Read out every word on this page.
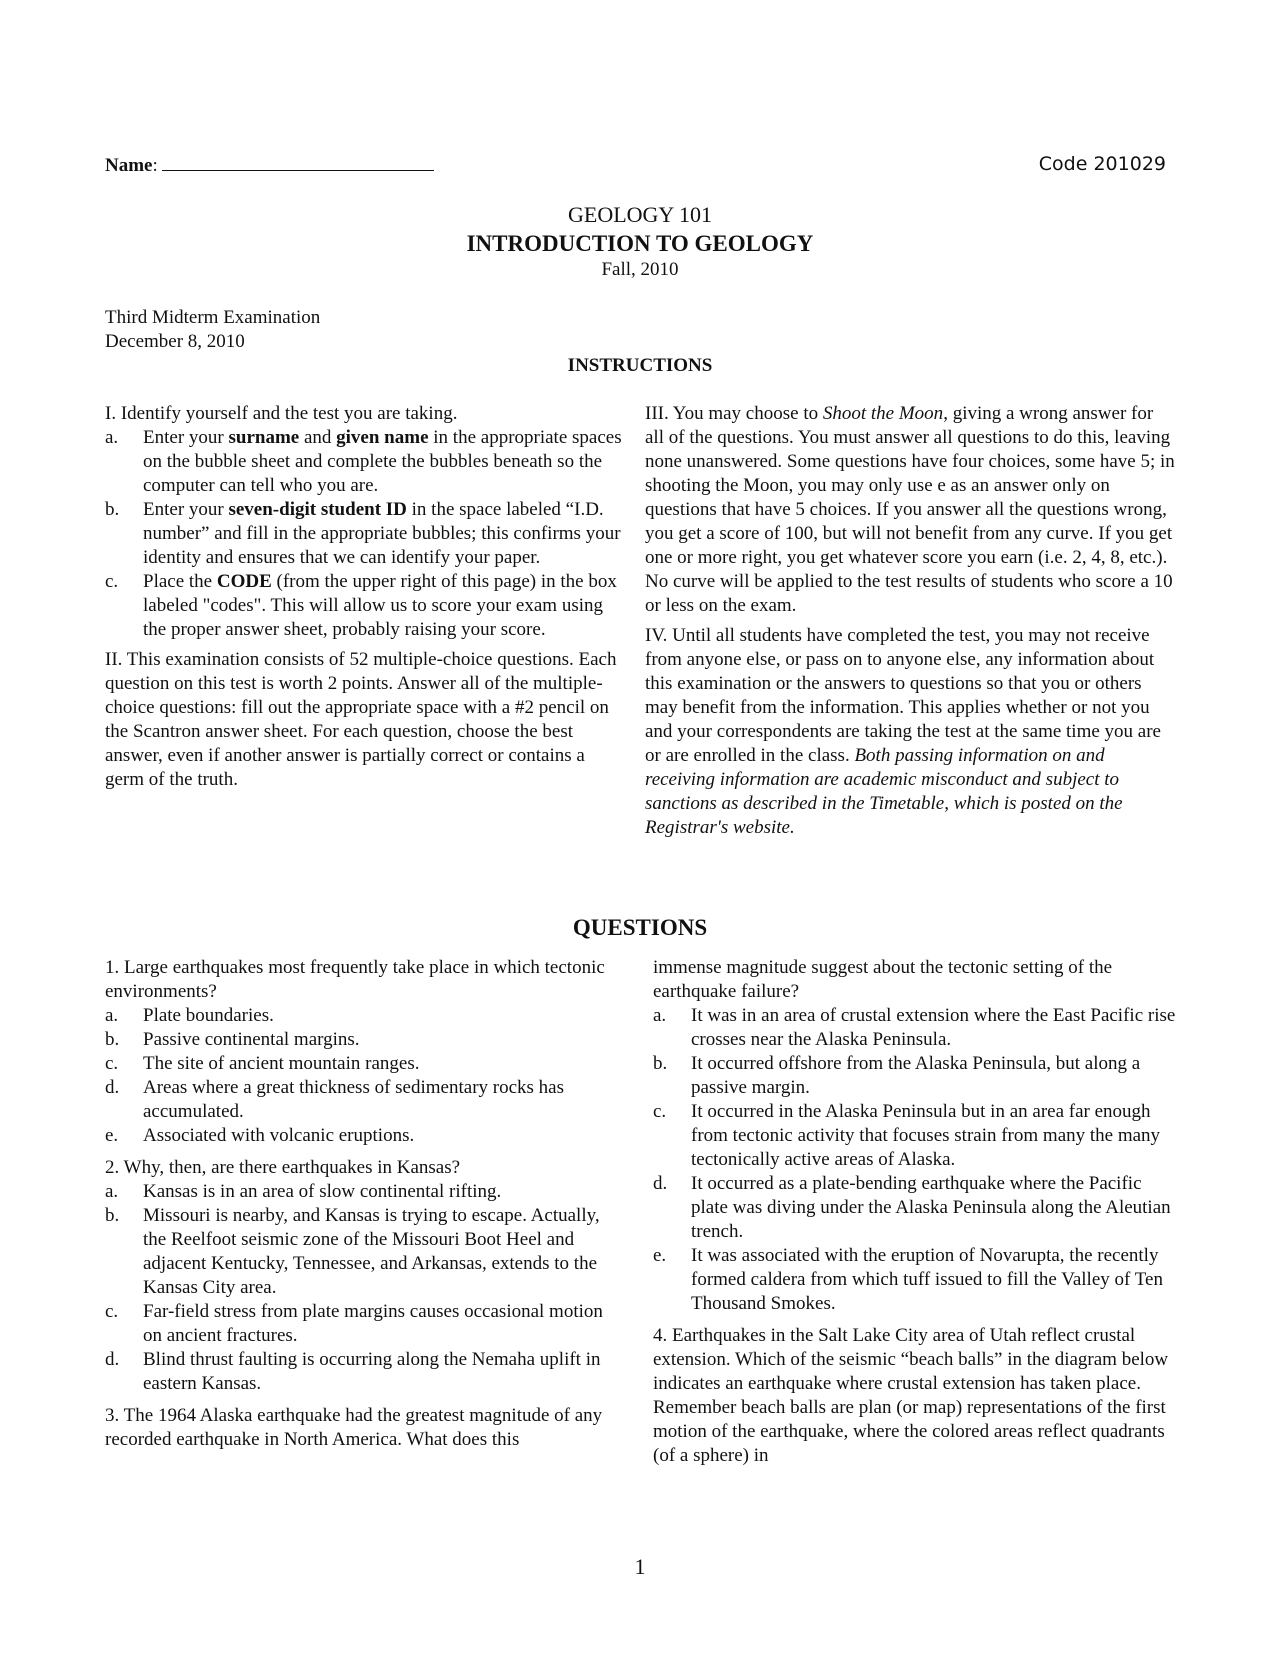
Name:	Code 201029
GEOLOGY 101
INTRODUCTION TO GEOLOGY
Fall, 2010
Third Midterm Examination
December 8, 2010
INSTRUCTIONS
I. Identify yourself and the test you are taking.
a. Enter your surname and given name in the appropriate spaces on the bubble sheet and complete the bubbles beneath so the computer can tell who you are.
b. Enter your seven-digit student ID in the space labeled “I.D. number” and fill in the appropriate bubbles; this confirms your identity and ensures that we can identify your paper.
c. Place the CODE (from the upper right of this page) in the box labeled "codes". This will allow us to score your exam using the proper answer sheet, probably raising your score.

II. This examination consists of 52 multiple-choice questions. Each question on this test is worth 2 points. Answer all of the multiple-choice questions: fill out the appropriate space with a #2 pencil on the Scantron answer sheet. For each question, choose the best answer, even if another answer is partially correct or contains a germ of the truth.

III. You may choose to Shoot the Moon, giving a wrong answer for all of the questions. You must answer all questions to do this, leaving none unanswered. Some questions have four choices, some have 5; in shooting the Moon, you may only use e as an answer only on questions that have 5 choices. If you answer all the questions wrong, you get a score of 100, but will not benefit from any curve. If you get one or more right, you get whatever score you earn (i.e. 2, 4, 8, etc.). No curve will be applied to the test results of students who score a 10 or less on the exam.

IV. Until all students have completed the test, you may not receive from anyone else, or pass on to anyone else, any information about this examination or the answers to questions so that you or others may benefit from the information. This applies whether or not you and your correspondents are taking the test at the same time you are or are enrolled in the class. Both passing information on and receiving information are academic misconduct and subject to sanctions as described in the Timetable, which is posted on the Registrar's website.

QUESTIONS
1. Large earthquakes most frequently take place in which tectonic environments?
a. Plate boundaries.
b. Passive continental margins.
c. The site of ancient mountain ranges.
d. Areas where a great thickness of sedimentary rocks has accumulated.
e. Associated with volcanic eruptions.
2. Why, then, are there earthquakes in Kansas?
a. Kansas is in an area of slow continental rifting.
b. Missouri is nearby, and Kansas is trying to escape. Actually, the Reelfoot seismic zone of the Missouri Boot Heel and adjacent Kentucky, Tennessee, and Arkansas, extends to the Kansas City area.
c. Far-field stress from plate margins causes occasional motion on ancient fractures.
d. Blind thrust faulting is occurring along the Nemaha uplift in eastern Kansas.
3. The 1964 Alaska earthquake had the greatest magnitude of any recorded earthquake in North America. What does this
immense magnitude suggest about the tectonic setting of the earthquake failure?
a. It was in an area of crustal extension where the East Pacific rise crosses near the Alaska Peninsula.
b. It occurred offshore from the Alaska Peninsula, but along a passive margin.
c. It occurred in the Alaska Peninsula but in an area far enough from tectonic activity that focuses strain from many the many tectonically active areas of Alaska.
d. It occurred as a plate-bending earthquake where the Pacific plate was diving under the Alaska Peninsula along the Aleutian trench.
e. It was associated with the eruption of Novarupta, the recently formed caldera from which tuff issued to fill the Valley of Ten Thousand Smokes.
4. Earthquakes in the Salt Lake City area of Utah reflect crustal extension. Which of the seismic “beach balls” in the diagram below indicates an earthquake where crustal extension has taken place. Remember beach balls are plan (or map) representations of the first motion of the earthquake, where the colored areas reflect quadrants (of a sphere) in
1
